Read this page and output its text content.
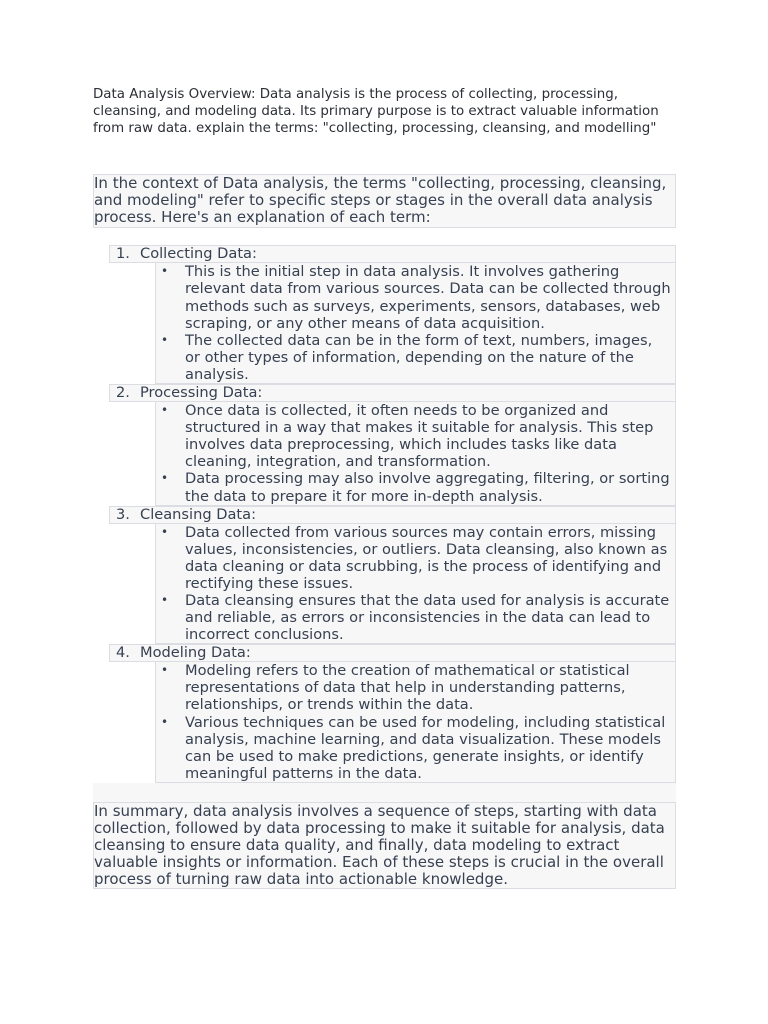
Data Analysis Overview: Data analysis is the process of collecting, processing, cleansing, and modeling data. Its primary purpose is to extract valuable information from raw data. explain the terms: "collecting, processing, cleansing, and modelling"

In the context of Data analysis, the terms "collecting, processing, cleansing, and modeling" refer to specific steps or stages in the overall data analysis process. Here's an explanation of each term:

1. Collecting Data:
• This is the initial step in data analysis. It involves gathering relevant data from various sources. Data can be collected through methods such as surveys, experiments, sensors, databases, web scraping, or any other means of data acquisition.
• The collected data can be in the form of text, numbers, images, or other types of information, depending on the nature of the analysis.
2. Processing Data:
• Once data is collected, it often needs to be organized and structured in a way that makes it suitable for analysis. This step involves data preprocessing, which includes tasks like data cleaning, integration, and transformation.
• Data processing may also involve aggregating, filtering, or sorting the data to prepare it for more in-depth analysis.
3. Cleansing Data:
• Data collected from various sources may contain errors, missing values, inconsistencies, or outliers. Data cleansing, also known as data cleaning or data scrubbing, is the process of identifying and rectifying these issues.
• Data cleansing ensures that the data used for analysis is accurate and reliable, as errors or inconsistencies in the data can lead to incorrect conclusions.
4. Modeling Data:
• Modeling refers to the creation of mathematical or statistical representations of data that help in understanding patterns, relationships, or trends within the data.
• Various techniques can be used for modeling, including statistical analysis, machine learning, and data visualization. These models can be used to make predictions, generate insights, or identify meaningful patterns in the data.

In summary, data analysis involves a sequence of steps, starting with data collection, followed by data processing to make it suitable for analysis, data cleansing to ensure data quality, and finally, data modeling to extract valuable insights or information. Each of these steps is crucial in the overall process of turning raw data into actionable knowledge.
